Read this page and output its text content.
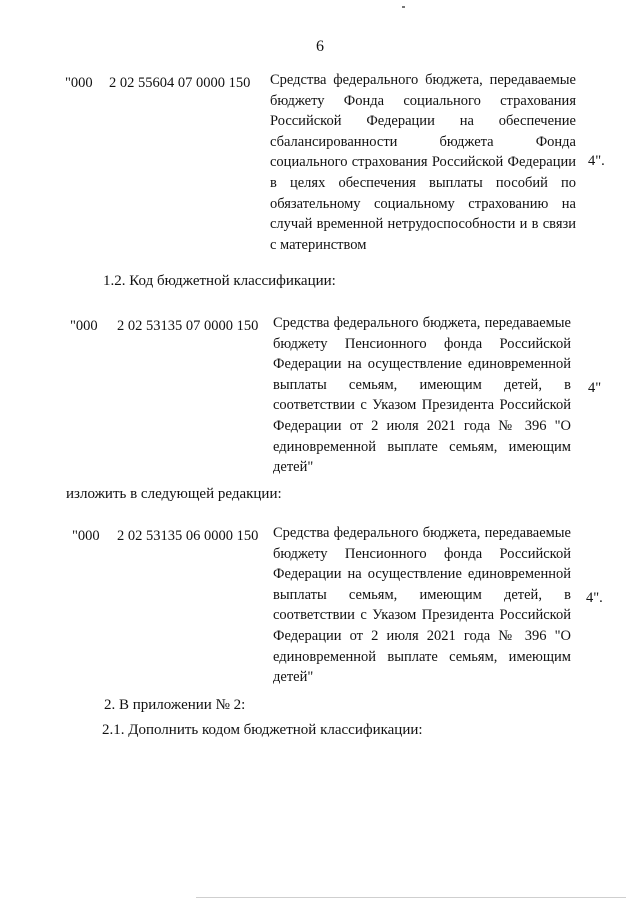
6
"000 2 02 55604 07 0000 150 Средства федерального бюджета, передаваемые бюджету Фонда социального страхования Российской Федерации на обеспечение сбалансированности бюджета Фонда социального страхования Российской Федерации в целях обеспечения выплаты пособий по обязательному социальному страхованию на случай временной нетрудоспособности и в связи с материнством
4".
1.2. Код бюджетной классификации:
"000 2 02 53135 07 0000 150 Средства федерального бюджета, передаваемые бюджету Пенсионного фонда Российской Федерации на осуществление единовременной выплаты семьям, имеющим детей, в соответствии с Указом Президента Российской Федерации от 2 июля 2021 года № 396 "О единовременной выплате семьям, имеющим детей"
4"
изложить в следующей редакции:
"000 2 02 53135 06 0000 150 Средства федерального бюджета, передаваемые бюджету Пенсионного фонда Российской Федерации на осуществление единовременной выплаты семьям, имеющим детей, в соответствии с Указом Президента Российской Федерации от 2 июля 2021 года № 396 "О единовременной выплате семьям, имеющим детей"
4".
2. В приложении № 2:
2.1. Дополнить кодом бюджетной классификации:
